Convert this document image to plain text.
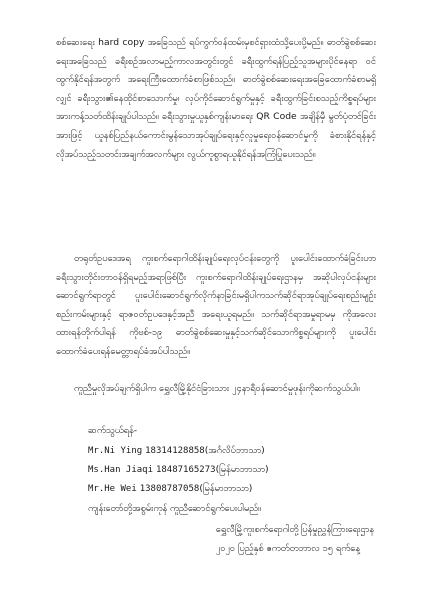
စစ်ဆေးရေး hard copy အခြေသည် ရပ်ကွက်ဝန်ထမ်းမှစင်ရှားထံသို့ပေးပို့မည်။ ဓာတ်ခွဲစစ်ဆေးရေးအခြေသည် ခရီးစဉ်အလာမည့်ကာလအတွင်းတွင် ခရီးထွက်ရန်ပြည့်သူအများပိုင်နေရာ ဝင်ထွက်နိုင်ရန်အတွက် အရေးကြီးထောက်ခံစာဖြစ်သည်။ ဓာတ်ခွဲစစ်ဆေးရေးအခြေထောက်ခံစာမရှိလျှင် ခရီးသွား၏နေထိုင်စာသောက်မှု၊ လုပ်ကိုင်ဆောင်ရွက်မှုနှင့် ခရီးထွက်ခြင်းစသည့်ကိစ္စရပ်များအားကန့်သတ်ထိန်းချုပ်ပါသည်။ ခရီးသွားမှုယူနှစ်ကျန်းမာရေး QR Code အချိန်မှီ မွတ်ပုံတင်ခြင်းအားဖြင့် ယူနစ်ပြည်နယ်ကောင်းမွန်သောအုပ်ချုပ်ရေးနှင့်လူမှုရေးဝန်ဆောင်မှုကို ခံစားနိုင်ရန်နှင့် လိုအပ်သည့်သတင်းအချက်အလက်များ လွယ်ကူစွာရယူနိုင်ရန်အကြံပြုပေးသည်။
တရုတ်ဥပဒေအရ ကူးစက်ရောဂါထိန်းချုပ်ရေးလုပ်ငန်းတွေကို ပူးပေါင်းထောက်ခံခြင်းဟာ ခရီးသွားတိုင်းတာဝန်ရှိရမည့်အရာဖြစ်ပြီး ကူးစက်ရောဂါထိန်းချုပ်ရေးဌာနမှ အဆိုပါလုပ်ငန်းများဆောင်ရွက်ရာတွင် ပူးပေါင်းဆောင်ရွက်လိုက်နာခြင်းမရှိပါကသက်ဆိုင်ရာအုပ်ချုပ်ရေးစည်းမျဉ်းစည်းကမ်းများနှင့် ရာဇဝတ်ဥပဒေနှင့်အညီ အရေးယူရမည်။ သက်ဆိုင်ရာအမှုရာမမှ ကိုအလေး ထားရန်တိုက်ပါရန် ကိုဗစ်-၁၉ ဓာတ်ခွဲစစ်ဆေးမှုနှင့်သက်ဆိုင်သောကိစ္စရပ်များကို ပူးပေါင်းထောက်ခံပေးရန်မေတ္တာရပ်ခံအပ်ပါသည်။
ကူညီမှုလိုအပ်ချက်ရှိပါက ရွှေလီမြို့နိုင်ငံခြားသား ၂၄နာရီဝန်ဆောင်မှုဖုန်းကိုဆက်သွယ်ပါ။
ဆက်သွယ်ရန်-
Mr.Ni Ying 18314128858(အင်္ဂလိပ်ဘာသာ)
Ms.Han Jiaqi 18487165273(မြန်မာဘာသာ)
Mr.He Wei 13808787058(မြန်မာဘာသာ)
ကျန်းတော်တို့အစွမ်းကုန် ကူညီဆောင်ရွက်ပေးပါမည်။
ရွှေလီမြို့ကူးစက်ရောဂါတို့ပြန်မှုညွှန်ကြားရေးဌာန
၂၀၂၀ ပြည့်နှစ် ဧကတ်တဘာလ ၁၅ ရက်နေ့
